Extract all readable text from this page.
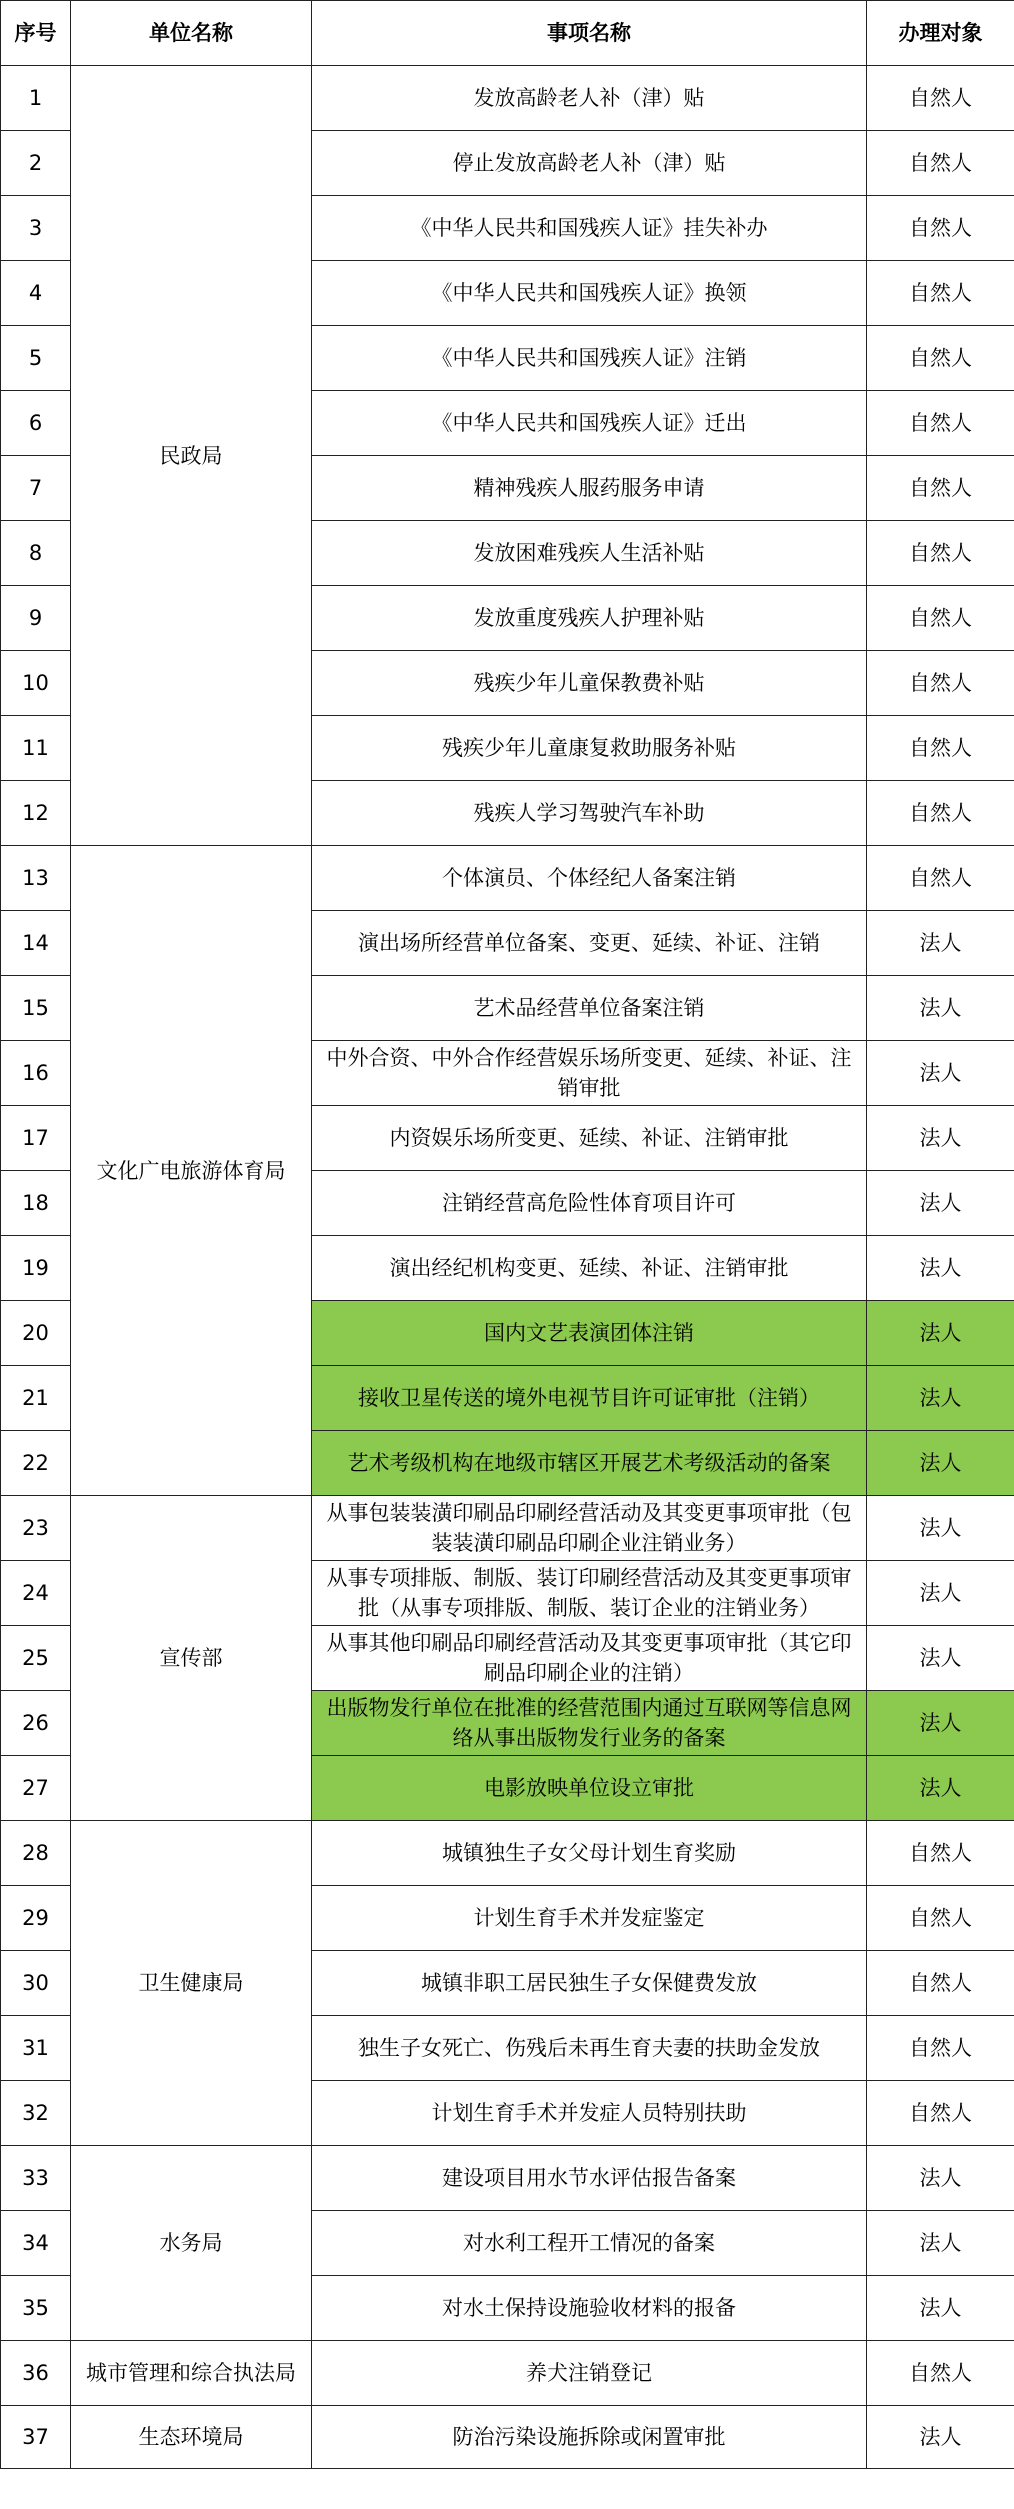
序号	单位名称	事项名称	办理对象
1	民政局	发放高龄老人补（津）贴	自然人
2		停止发放高龄老人补（津）贴	自然人
3		《中华人民共和国残疾人证》挂失补办	自然人
4		《中华人民共和国残疾人证》换领	自然人
5		《中华人民共和国残疾人证》注销	自然人
6		《中华人民共和国残疾人证》迁出	自然人
7		精神残疾人服药服务申请	自然人
8		发放困难残疾人生活补贴	自然人
9		发放重度残疾人护理补贴	自然人
10		残疾少年儿童保教费补贴	自然人
11		残疾少年儿童康复救助服务补贴	自然人
12		残疾人学习驾驶汽车补助	自然人
13	文化广电旅游体育局	个体演员、个体经纪人备案注销	自然人
14		演出场所经营单位备案、变更、延续、补证、注销	法人
15		艺术品经营单位备案注销	法人
16		中外合资、中外合作经营娱乐场所变更、延续、补证、注销审批	法人
17		内资娱乐场所变更、延续、补证、注销审批	法人
18		注销经营高危险性体育项目许可	法人
19		演出经纪机构变更、延续、补证、注销审批	法人
20		国内文艺表演团体注销	法人
21		接收卫星传送的境外电视节目许可证审批（注销）	法人
22		艺术考级机构在地级市辖区开展艺术考级活动的备案	法人
23	宣传部	从事包装装潢印刷品印刷经营活动及其变更事项审批（包装装潢印刷品印刷企业注销业务）	法人
24		从事专项排版、制版、装订印刷经营活动及其变更事项审批（从事专项排版、制版、装订企业的注销业务）	法人
25		从事其他印刷品印刷经营活动及其变更事项审批（其它印刷品印刷企业的注销）	法人
26		出版物发行单位在批准的经营范围内通过互联网等信息网络从事出版物发行业务的备案	法人
27		电影放映单位设立审批	法人
28	卫生健康局	城镇独生子女父母计划生育奖励	自然人
29		计划生育手术并发症鉴定	自然人
30		城镇非职工居民独生子女保健费发放	自然人
31		独生子女死亡、伤残后未再生育夫妻的扶助金发放	自然人
32		计划生育手术并发症人员特别扶助	自然人
33	水务局	建设项目用水节水评估报告备案	法人
34		对水利工程开工情况的备案	法人
35		对水土保持设施验收材料的报备	法人
36	城市管理和综合执法局	养犬注销登记	自然人
37	生态环境局	防治污染设施拆除或闲置审批	法人
